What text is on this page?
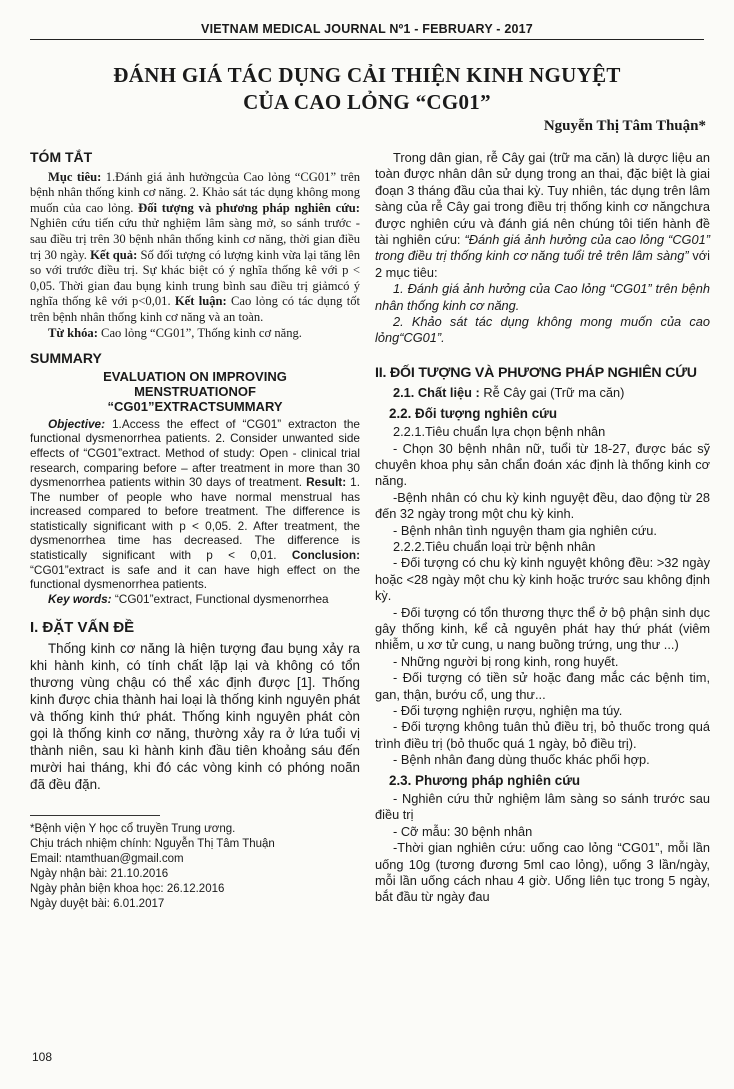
VIETNAM MEDICAL JOURNAL Nº1 - FEBRUARY - 2017
ĐÁNH GIÁ TÁC DỤNG CẢI THIỆN KINH NGUYỆT
CỦA CAO LỎNG “CG01”
Nguyễn Thị Tâm Thuận*
TÓM TẮT

Mục tiêu: 1.Đánh giá ảnh hưởngcủa Cao lỏng “CG01” trên bệnh nhân thống kinh cơ năng. 2. Khảo sát tác dụng không mong muốn của cao lỏng. Đối tượng và phương pháp nghiên cứu: Nghiên cứu tiến cứu thử nghiệm lâm sàng mở, so sánh trước - sau điều trị trên 30 bệnh nhân thống kinh cơ năng, thời gian điều trị 30 ngày. Kết quả: Số đối tượng có lượng kinh vừa lại tăng lên so với trước điều trị. Sự khác biệt có ý nghĩa thống kê với p < 0,05. Thời gian đau bụng kinh trung bình sau điều trị giảmcó ý nghĩa thống kê với p<0,01. Kết luận: Cao lỏng có tác dụng tốt trên bệnh nhân thống kinh cơ năng và an toàn.

Từ khóa: Cao lỏng “CG01”, Thống kinh cơ năng.

SUMMARY
EVALUATION ON IMPROVING
MENSTRUATIONOF
“CG01”EXTRACTSUMMARY

Objective: 1.Access the effect of “CG01” extracton the functional dysmenorrhea patients. 2. Consider unwanted side effects of “CG01”extract. Method of study: Open - clinical trial research, comparing before – after treatment in more than 30 dysmenorrhea patients within 30 days of treatment. Result: 1. The number of people who have normal menstrual has increased compared to before treatment. The difference is statistically significant with p < 0,05. 2. After treatment, the dysmenorrhea time has decreased. The difference is statistically significant with p < 0,01. Conclusion: “CG01”extract is safe and it can have high effect on the functional dysmenorrhea patients.

Key words: “CG01”extract, Functional dysmenorrhea

I. ĐẶT VẤN ĐỀ

Thống kinh cơ năng là hiện tượng đau bụng xảy ra khi hành kinh, có tính chất lặp lại và không có tổn thương vùng chậu có thể xác định được [1]. Thống kinh được chia thành hai loại là thống kinh nguyên phát và thống kinh thứ phát. Thống kinh nguyên phát còn gọi là thống kinh cơ năng, thường xảy ra ở lứa tuổi vị thành niên, sau kì hành kinh đầu tiên khoảng sáu đến mười hai tháng, khi đó các vòng kinh có phóng noãn đã đều đặn.

*Bệnh viện Y học cổ truyền Trung ương.
Chịu trách nhiệm chính: Nguyễn Thị Tâm Thuận
Email: ntamthuan@gmail.com
Ngày nhận bài: 21.10.2016
Ngày phản biện khoa học: 26.12.2016
Ngày duyệt bài: 6.01.2017

Trong dân gian, rễ Cây gai (trữ ma căn) là dược liệu an toàn được nhân dân sử dụng trong an thai, đặc biệt là giai đoạn 3 tháng đầu của thai kỳ. Tuy nhiên, tác dụng trên lâm sàng của rễ Cây gai trong điều trị thống kinh cơ năngchưa được nghiên cứu và đánh giá nên chúng tôi tiến hành đề tài nghiên cứu: “Đánh giá ảnh hưởng của cao lỏng “CG01” trong điều trị thống kinh cơ năng tuổi trẻ trên lâm sàng” với 2 mục tiêu:

1. Đánh giá ảnh hưởng của Cao lỏng “CG01” trên bệnh nhân thống kinh cơ năng.

2. Khảo sát tác dụng không mong muốn của cao lỏng“CG01”.

II. ĐỐI TƯỢNG VÀ PHƯƠNG PHÁP NGHIÊN CỨU

2.1. Chất liệu : Rễ Cây gai (Trữ ma căn)

2.2. Đối tượng nghiên cứu

2.2.1.Tiêu chuẩn lựa chọn bệnh nhân

- Chọn 30 bệnh nhân nữ, tuổi từ 18-27, được bác sỹ chuyên khoa phụ sản chẩn đoán xác định là thống kinh cơ năng.

-Bệnh nhân có chu kỳ kinh nguyệt đều, dao động từ 28 đến 32 ngày trong một chu kỳ kinh.

- Bệnh nhân tình nguyện tham gia nghiên cứu.

2.2.2.Tiêu chuẩn loại trừ bệnh nhân

- Đối tượng có chu kỳ kinh nguyệt không đều: >32 ngày hoặc <28 ngày một chu kỳ kinh hoặc trước sau không định kỳ.

- Đối tượng có tổn thương thực thể ở bộ phận sinh dục gây thống kinh, kể cả nguyên phát hay thứ phát (viêm nhiễm, u xơ tử cung, u nang buồng trứng, ung thư ...)

- Những người bị rong kinh, rong huyết.

- Đối tượng có tiền sử hoặc đang mắc các bệnh tim, gan, thận, bướu cổ, ung thư...

- Đối tượng nghiện rượu, nghiện ma túy.

- Đối tượng không tuân thủ điều trị, bỏ thuốc trong quá trình điều trị (bỏ thuốc quá 1 ngày, bỏ điều trị).

- Bệnh nhân đang dùng thuốc khác phối hợp.

2.3. Phương pháp nghiên cứu

- Nghiên cứu thử nghiệm lâm sàng so sánh trước sau điều trị

- Cỡ mẫu: 30 bệnh nhân

-Thời gian nghiên cứu: uống cao lỏng “CG01”, mỗi lần uống 10g (tương đương 5ml cao lỏng), uống 3 lần/ngày, mỗi lần uống cách nhau 4 giờ. Uống liên tục trong 5 ngày, bắt đầu từ ngày đau

108
